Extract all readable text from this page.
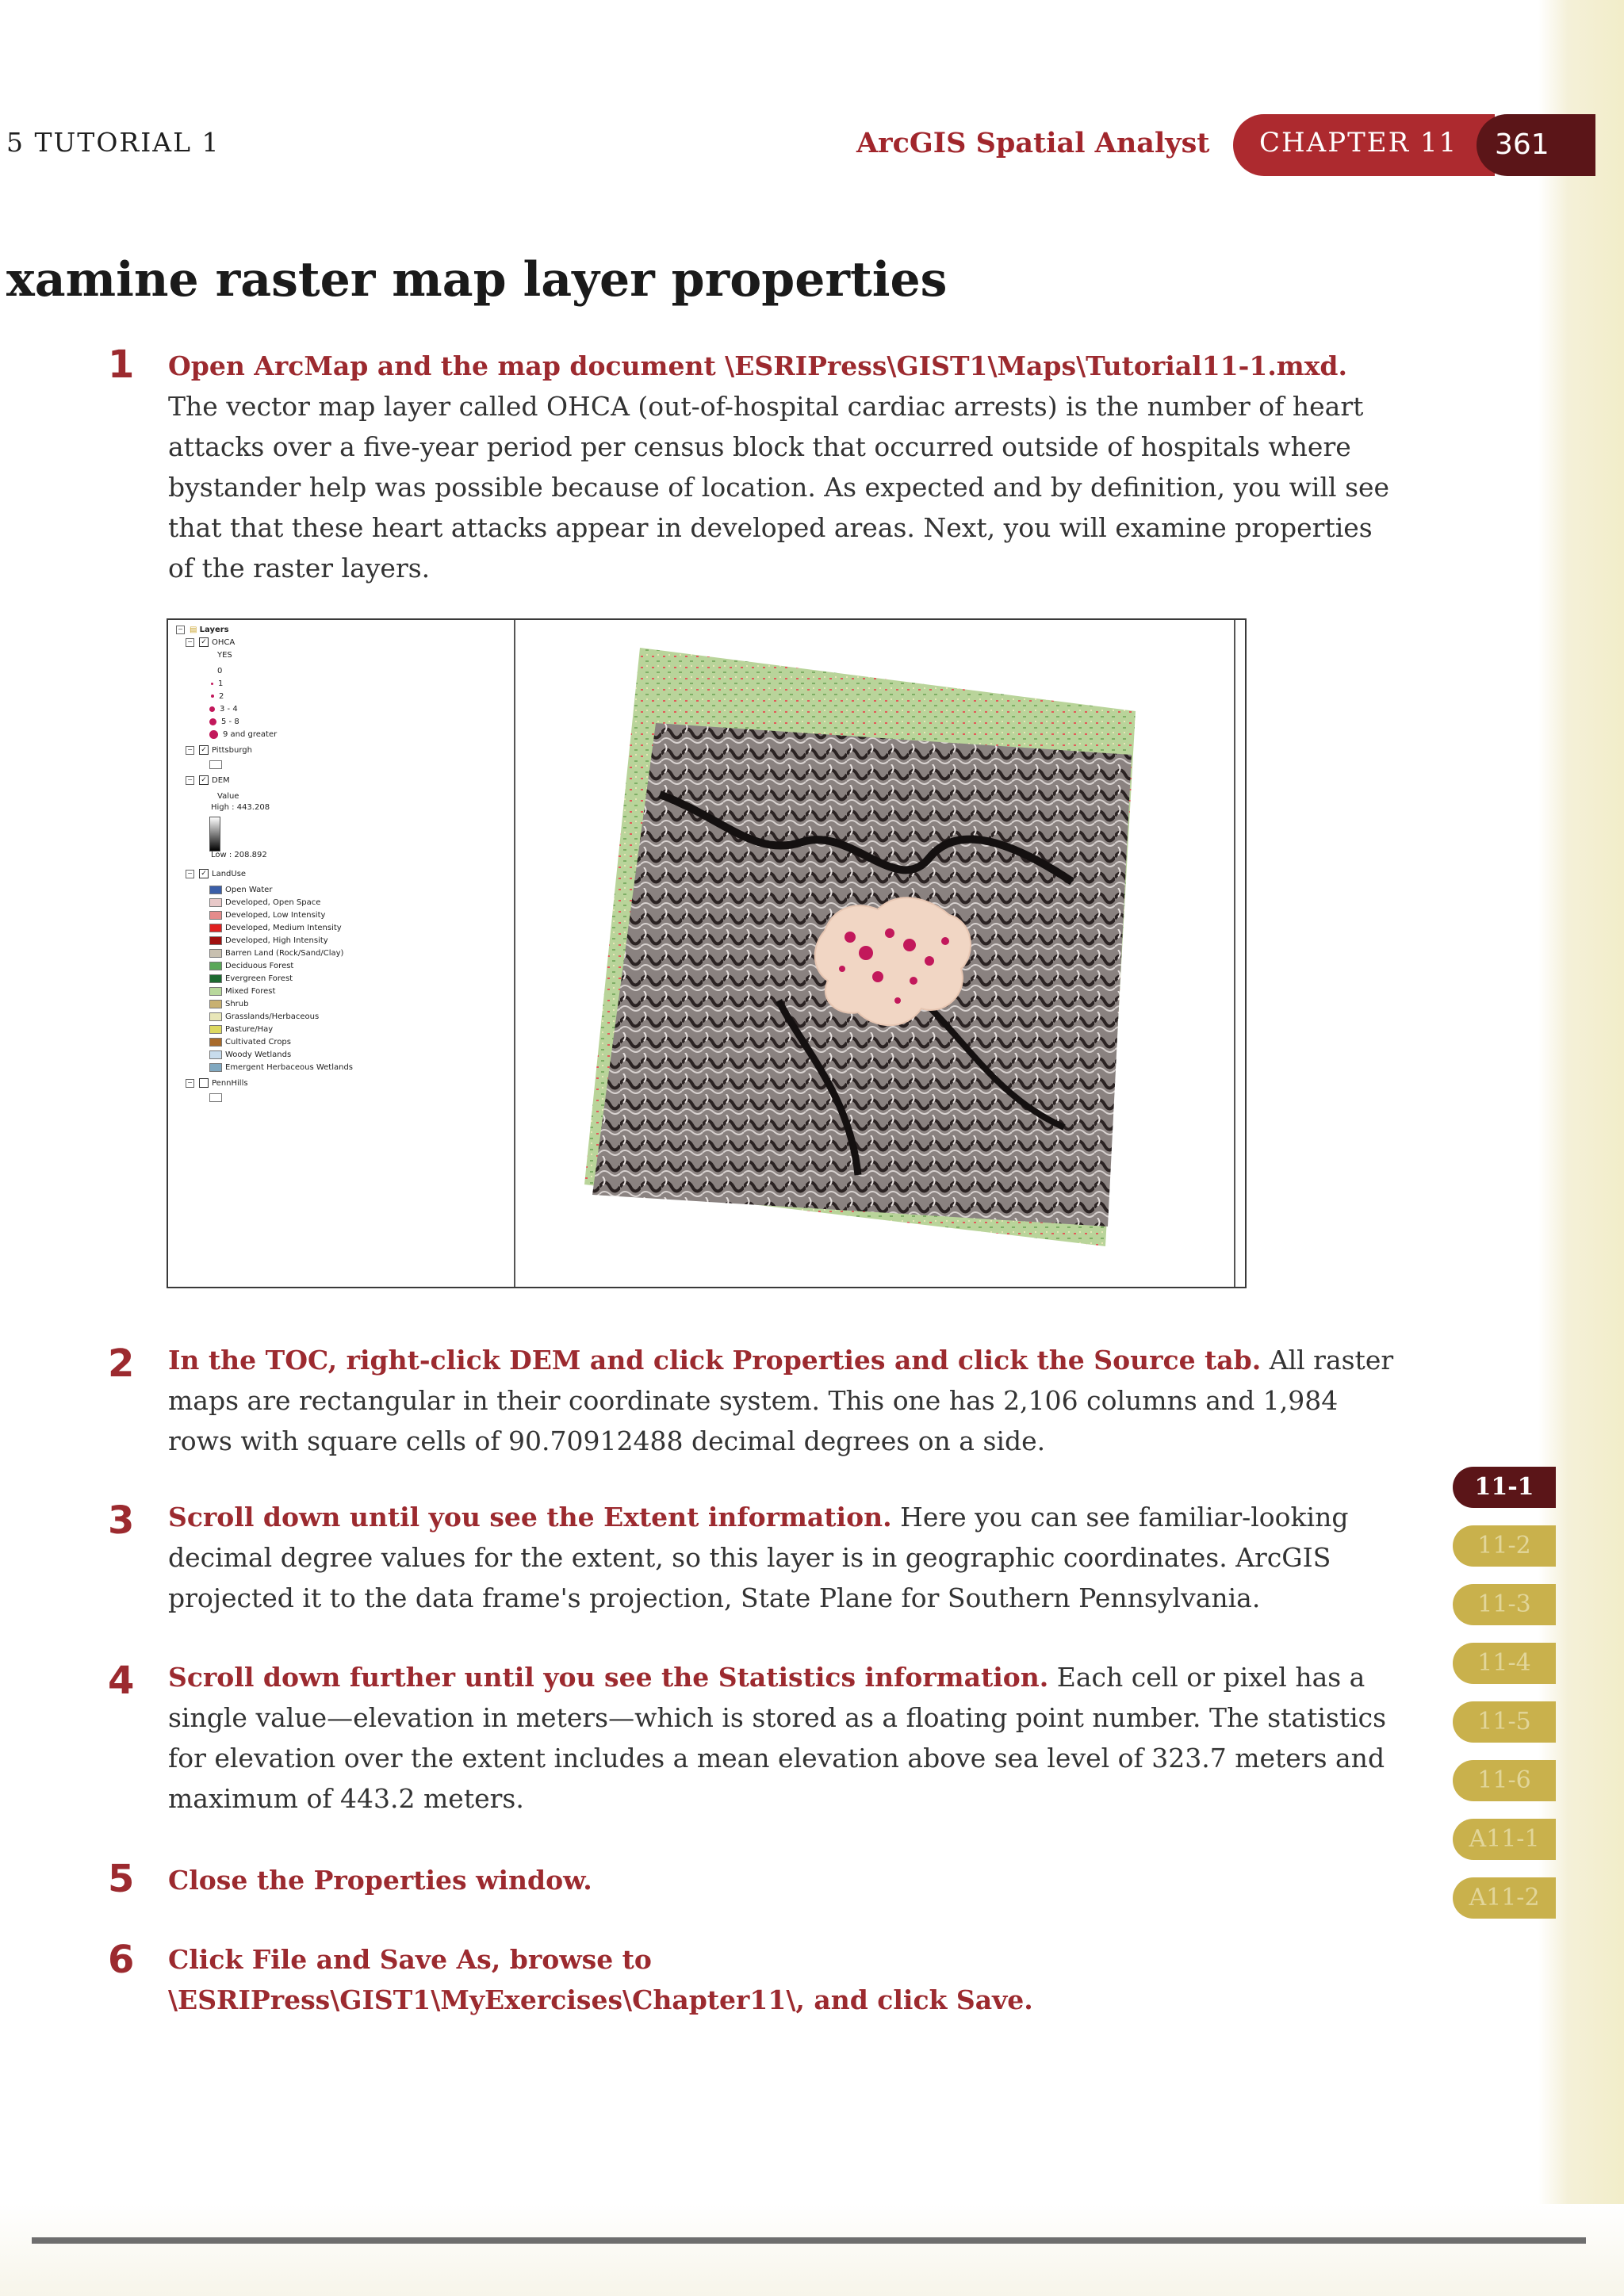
5 TUTORIAL 1	ArcGIS Spatial Analyst CHAPTER 11 361
xamine raster map layer properties
1 Open ArcMap and the map document \ESRIPress\GIST1\Maps\Tutorial11-1.mxd. The vector map layer called OHCA (out-of-hospital cardiac arrests) is the number of heart attacks over a five-year period per census block that occurred outside of hospitals where bystander help was possible because of location. As expected and by definition, you will see that that these heart attacks appear in developed areas. Next, you will examine properties of the raster layers.
− ▤ Layers
− ✓ OHCA
YES
0
1
2
3 - 4
5 - 8
9 and greater
− ✓ Pittsburgh
− ✓ DEM
Value
High : 443.208
Low : 208.892
− ✓ LandUse
Open Water
Developed, Open Space
Developed, Low Intensity
Developed, Medium Intensity
Developed, High Intensity
Barren Land (Rock/Sand/Clay)
Deciduous Forest
Evergreen Forest
Mixed Forest
Shrub
Grasslands/Herbaceous
Pasture/Hay
Cultivated Crops
Woody Wetlands
Emergent Herbaceous Wetlands
− PennHills
2 In the TOC, right-click DEM and click Properties and click the Source tab. All raster maps are rectangular in their coordinate system. This one has 2,106 columns and 1,984 rows with square cells of 90.70912488 decimal degrees on a side.
3 Scroll down until you see the Extent information. Here you can see familiar-looking decimal degree values for the extent, so this layer is in geographic coordinates. ArcGIS projected it to the data frame's projection, State Plane for Southern Pennsylvania.
4 Scroll down further until you see the Statistics information. Each cell or pixel has a single value—elevation in meters—which is stored as a floating point number. The statistics for elevation over the extent includes a mean elevation above sea level of 323.7 meters and maximum of 443.2 meters.
5 Close the Properties window.
6 Click File and Save As, browse to \ESRIPress\GIST1\MyExercises\Chapter11\, and click Save.
11-1
11-2
11-3
11-4
11-5
11-6
A11-1
A11-2
